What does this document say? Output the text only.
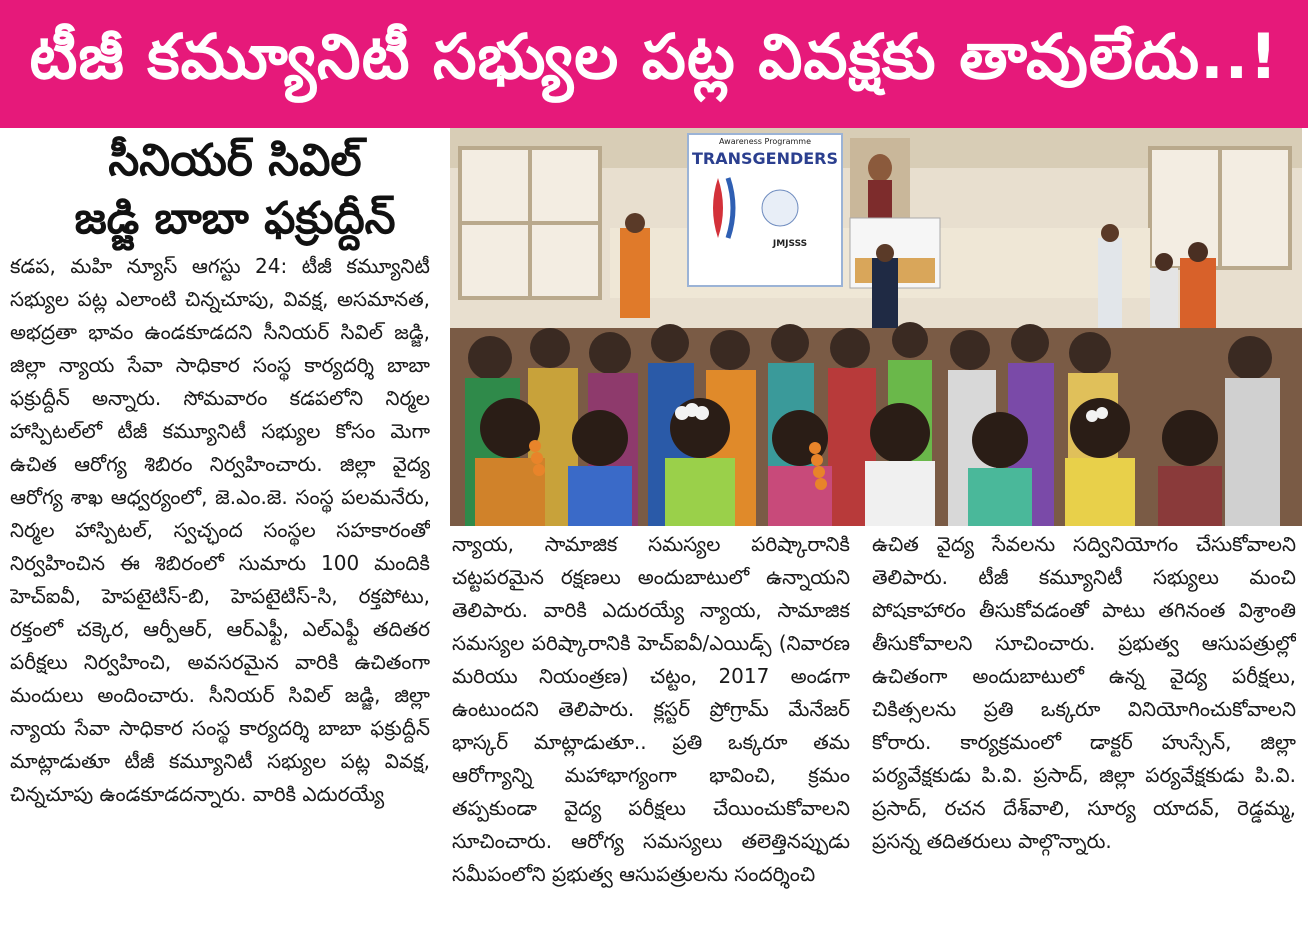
టీజీ కమ్యూనిటీ సభ్యుల పట్ల వివక్షకు తావులేదు..!
సీనియర్ సివిల్
జడ్జి బాబా ఫక్రుద్దీన్
కడప, మహి న్యూస్ ఆగస్టు 24: టీజీ కమ్యూనిటీ సభ్యుల పట్ల ఎలాంటి చిన్నచూపు, వివక్ష, అసమానత, అభద్రతా భావం ఉండకూడదని సీనియర్ సివిల్ జడ్జి, జిల్లా న్యాయ సేవా సాధికార సంస్థ కార్యదర్శి బాబా ఫక్రుద్దీన్ అన్నారు. సోమవారం కడపలోని నిర్మల హాస్పిటల్‌లో టీజీ కమ్యూనిటీ సభ్యుల కోసం మెగా ఉచిత ఆరోగ్య శిబిరం నిర్వహించారు. జిల్లా వైద్య ఆరోగ్య శాఖ ఆధ్వర్యంలో, జె.ఎం.జె. సంస్థ పలమనేరు, నిర్మల హాస్పిటల్, స్వచ్ఛంద సంస్థల సహకారంతో నిర్వహించిన ఈ శిబిరంలో సుమారు 100 మందికి హెచ్ఐవీ, హెపటైటిస్-బి, హెపటైటిస్-సి, రక్తపోటు, రక్తంలో చక్కెర, ఆర్పీఆర్, ఆర్ఎఫ్టీ, ఎల్ఎఫ్టీ తదితర పరీక్షలు నిర్వహించి, అవసరమైన వారికి ఉచితంగా మందులు అందించారు. సీనియర్ సివిల్ జడ్జి, జిల్లా న్యాయ సేవా సాధికార సంస్థ కార్యదర్శి బాబా ఫక్రుద్దీన్ మాట్లాడుతూ టీజీ కమ్యూనిటీ సభ్యుల పట్ల వివక్ష, చిన్నచూపు ఉండకూడదన్నారు. వారికి ఎదురయ్యే
Awareness Programme
TRANSGENDERS
JMJSSS
న్యాయ, సామాజిక సమస్యల పరిష్కారానికి చట్టపరమైన రక్షణలు అందుబాటులో ఉన్నాయని తెలిపారు. వారికి ఎదురయ్యే న్యాయ, సామాజిక సమస్యల పరిష్కారానికి హెచ్ఐవీ/ఎయిడ్స్ (నివారణ మరియు నియంత్రణ) చట్టం, 2017 అండగా ఉంటుందని తెలిపారు. క్లస్టర్ ప్రోగ్రామ్ మేనేజర్ భాస్కర్ మాట్లాడుతూ.. ప్రతి ఒక్కరూ తమ ఆరోగ్యాన్ని మహాభాగ్యంగా భావించి, క్రమం తప్పకుండా వైద్య పరీక్షలు చేయించుకోవాలని సూచించారు. ఆరోగ్య సమస్యలు తలెత్తినప్పుడు సమీపంలోని ప్రభుత్వ ఆసుపత్రులను సందర్శించి
ఉచిత వైద్య సేవలను సద్వినియోగం చేసుకోవాలని తెలిపారు. టీజీ కమ్యూనిటీ సభ్యులు మంచి పోషకాహారం తీసుకోవడంతో పాటు తగినంత విశ్రాంతి తీసుకోవాలని సూచించారు. ప్రభుత్వ ఆసుపత్రుల్లో ఉచితంగా అందుబాటులో ఉన్న వైద్య పరీక్షలు, చికిత్సలను ప్రతి ఒక్కరూ వినియోగించుకోవాలని కోరారు. కార్యక్రమంలో డాక్టర్ హుస్సేన్, జిల్లా పర్యవేక్షకుడు పి.వి. ప్రసాద్, జిల్లా పర్యవేక్షకుడు పి.వి. ప్రసాద్, రచన దేశ్‌వాలి, సూర్య యాదవ్, రెడ్డమ్మ, ప్రసన్న తదితరులు పాల్గొన్నారు.
